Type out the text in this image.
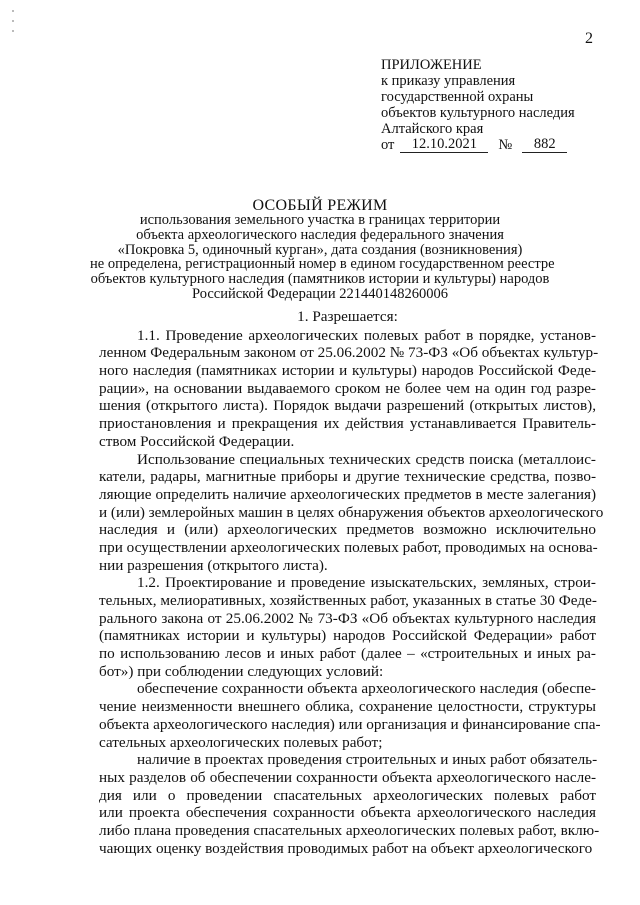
2
ПРИЛОЖЕНИЕ
к приказу управления
государственной охраны
объектов культурного наследия
Алтайского края
от	12.10.2021	№	882
ОСОБЫЙ РЕЖИМ
использования земельного участка в границах территории
объекта археологического наследия федерального значения
«Покровка 5, одиночный курган», дата создания (возникновения)
не определена, регистрационный номер в едином государственном реестре
объектов культурного наследия (памятников истории и культуры) народов
Российской Федерации 221440148260006
1. Разрешается:
1.1. Проведение археологических полевых работ в порядке, установ-
ленном Федеральным законом от 25.06.2002 № 73-ФЗ «Об объектах культур-
ного наследия (памятниках истории и культуры) народов Российской Феде-
рации», на основании выдаваемого сроком не более чем на один год разре-
шения (открытого листа). Порядок выдачи разрешений (открытых листов),
приостановления и прекращения их действия устанавливается Правитель-
ством Российской Федерации.
Использование специальных технических средств поиска (металлоис-
катели, радары, магнитные приборы и другие технические средства, позво-
ляющие определить наличие археологических предметов в месте залегания)
и (или) землеройных машин в целях обнаружения объектов археологического
наследия и (или) археологических предметов возможно исключительно
при осуществлении археологических полевых работ, проводимых на основа-
нии разрешения (открытого листа).
1.2. Проектирование и проведение изыскательских, земляных, строи-
тельных, мелиоративных, хозяйственных работ, указанных в статье 30 Феде-
рального закона от 25.06.2002 № 73-ФЗ «Об объектах культурного наследия
(памятниках истории и культуры) народов Российской Федерации» работ
по использованию лесов и иных работ (далее – «строительных и иных ра-
бот») при соблюдении следующих условий:
обеспечение сохранности объекта археологического наследия (обеспе-
чение неизменности внешнего облика, сохранение целостности, структуры
объекта археологического наследия) или организация и финансирование спа-
сательных археологических полевых работ;
наличие в проектах проведения строительных и иных работ обязатель-
ных разделов об обеспечении сохранности объекта археологического насле-
дия или о проведении спасательных археологических полевых работ
или проекта обеспечения сохранности объекта археологического наследия
либо плана проведения спасательных археологических полевых работ, вклю-
чающих оценку воздействия проводимых работ на объект археологического
